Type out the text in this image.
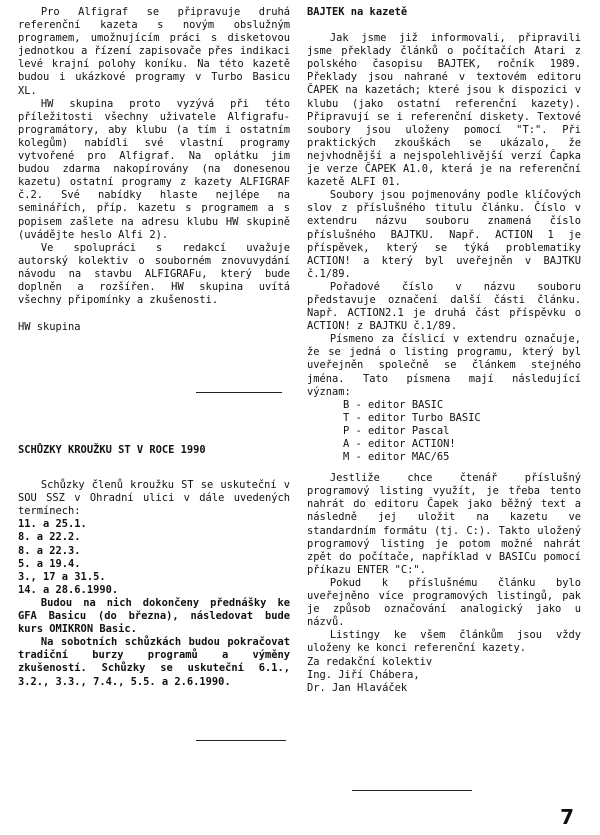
Pro Alfigraf se připravuje druhá referenční kazeta s novým obslužným programem, umožnujícím práci s disketovou jednotkou a řízení zapisovače přes indikaci levé krajní polohy koníku. Na této kazetě budou i ukázkové programy v Turbo Basicu XL.

HW skupina proto vyzývá při této příležitosti všechny uživatele Alfigrafu-programátory, aby klubu (a tím i ostatním kolegům) nabídli své vlastní programy vytvořené pro Alfigraf. Na oplátku jim budou zdarma nakopírovány (na donesenou kazetu) ostatní programy z kazety ALFIGRAF č.2. Své nabídky hlaste nejlépe na seminářích, příp. kazetu s programem a s popisem zašlete na adresu klubu HW skupině (uvádějte heslo Alfi 2).

Ve spolupráci s redakcí uvažuje autorský kolektiv o souborném znovuvydání návodu na stavbu ALFIGRAFu, který bude doplněn a rozšířen. HW skupina uvítá všechny připomínky a zkušenosti.

HW skupina

SCHŮZKY KROUŽKU ST V ROCE 1990

Schůzky členů kroužku ST se uskuteční v SOU SSZ v Ohradní ulici v dále uvedených termínech:

11. a 25.1.
8. a 22.2.
8. a 22.3.
5. a 19.4.
3., 17 a 31.5.
14. a 28.6.1990.

Budou na nich dokončeny přednášky ke GFA Basicu (do března), následovat bude kurs OMIKRON Basic.

Na sobotních schůzkách budou pokračovat tradiční burzy programů a výměny zkušeností. Schůzky se uskuteční 6.1., 3.2., 3.3., 7.4., 5.5. a 2.6.1990.

BAJTEK na kazetě

Jak jsme již informovali, připravili jsme překlady článků o počítačích Atari z polského časopisu BAJTEK, ročník 1989. Překlady jsou nahrané v textovém editoru ČAPEK na kazetách; které jsou k dispozici v klubu (jako ostatní referenční kazety). Připravují se i referenční diskety. Textové soubory jsou uloženy pomocí "T:". Při praktických zkouškách se ukázalo, že nejvhodnější a nejspolehlivější verzí Čapka je verze ČAPEK A1.0, která je na referenční kazetě ALFI 01.

Soubory jsou pojmenovány podle klíčových slov z příslušného titulu článku. Číslo v extendru názvu souboru znamená číslo příslušného BAJTKU. Např. ACTION 1 je příspěvek, který se týká problematiky ACTION! a který byl uveřejněn v BAJTKU č.1/89.

Pořadové číslo v názvu souboru představuje označení další části článku. Např. ACTION2.1 je druhá část příspěvku o ACTION! z BAJTKU č.1/89.

Písmeno za číslicí v extendru označuje, že se jedná o listing programu, který byl uveřejněn společně se článkem stejného jména. Tato písmena mají následující význam:

B - editor BASIC
T - editor Turbo BASIC
P - editor Pascal
A - editor ACTION!
M - editor MAC/65

Jestliže chce čtenář příslušný programový listing využít, je třeba tento nahrát do editoru Čapek jako běžný text a následně jej uložit na kazetu ve standardním formátu (tj. C:). Takto uložený programový listing je potom možné nahrát zpět do počítače, například v BASICu pomocí příkazu ENTER "C:".

Pokud k příslušnému článku bylo uveřejněno více programových listingů, pak je způsob označování analogický jako u názvů.

Listingy ke všem článkům jsou vždy uloženy ke konci referenční kazety.

Za redakční kolektiv

Ing. Jiří Chábera,

Dr. Jan Hlaváček

7
